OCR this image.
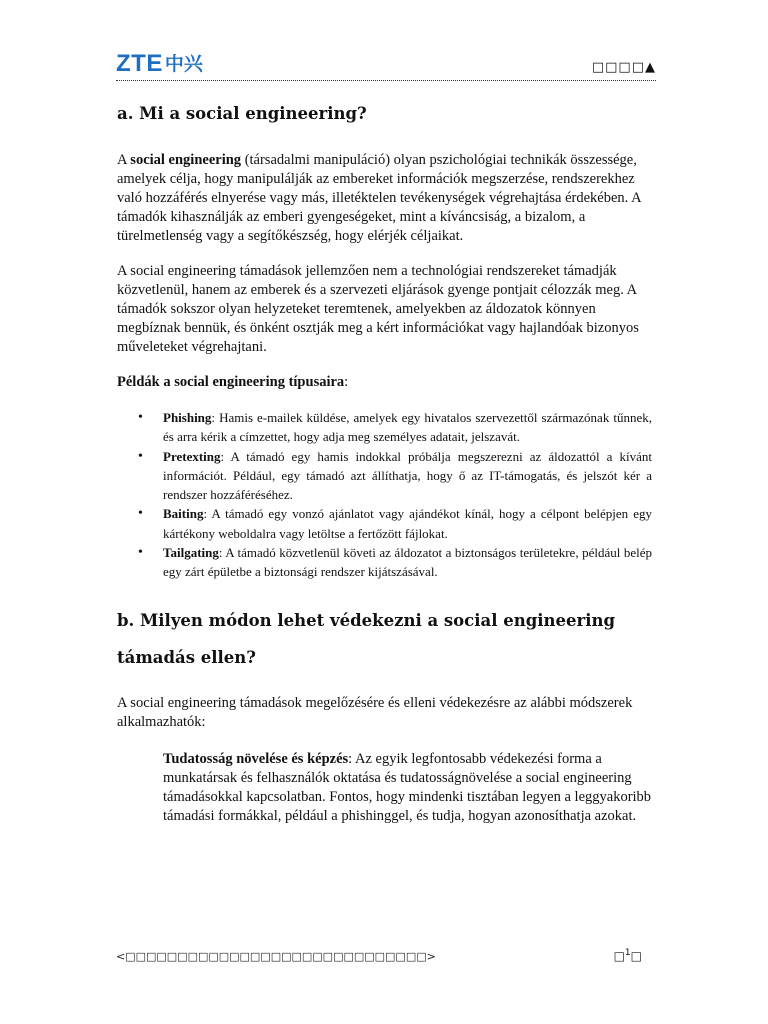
ZTE 中兴	□□□□▲
a. Mi a social engineering?

A social engineering (társadalmi manipuláció) olyan pszichológiai technikák összessége, amelyek célja, hogy manipulálják az embereket információk megszerzése, rendszerekhez való hozzáférés elnyerése vagy más, illetéktelen tevékenységek végrehajtása érdekében. A támadók kihasználják az emberi gyengeségeket, mint a kíváncsiság, a bizalom, a türelmetlenség vagy a segítőkészség, hogy elérjék céljaikat.

A social engineering támadások jellemzően nem a technológiai rendszereket támadják közvetlenül, hanem az emberek és a szervezeti eljárások gyenge pontjait célozzák meg. A támadók sokszor olyan helyzeteket teremtenek, amelyekben az áldozatok könnyen megbíznak bennük, és önként osztják meg a kért információkat vagy hajlandóak bizonyos műveleteket végrehajtani.

Példák a social engineering típusaira:

• Phishing: Hamis e-mailek küldése, amelyek egy hivatalos szervezettől származónak tűnnek, és arra kérik a címzettet, hogy adja meg személyes adatait, jelszavát.
• Pretexting: A támadó egy hamis indokkal próbálja megszerezni az áldozattól a kívánt információt. Például, egy támadó azt állíthatja, hogy ő az IT-támogatás, és jelszót kér a rendszer hozzáféréséhez.
• Baiting: A támadó egy vonzó ajánlatot vagy ajándékot kínál, hogy a célpont belépjen egy kártékony weboldalra vagy letöltse a fertőzött fájlokat.
• Tailgating: A támadó közvetlenül követi az áldozatot a biztonságos területekre, például belép egy zárt épületbe a biztonsági rendszer kijátszásával.
b. Milyen módon lehet védekezni a social engineering támadás ellen?

A social engineering támadások megelőzésére és elleni védekezésre az alábbi módszerek alkalmazhatók:

Tudatosság növelése és képzés: Az egyik legfontosabb védekezési forma a munkatársak és felhasználók oktatása és tudatosságnövelése a social engineering támadásokkal kapcsolatban. Fontos, hogy mindenki tisztában legyen a leggyakoribb támadási formákkal, például a phishinggel, és tudja, hogyan azonosíthatja azokat.

<□□□□□□□□□□□□□□□□□□□□□□□□□□□□□>	□$^1$□
